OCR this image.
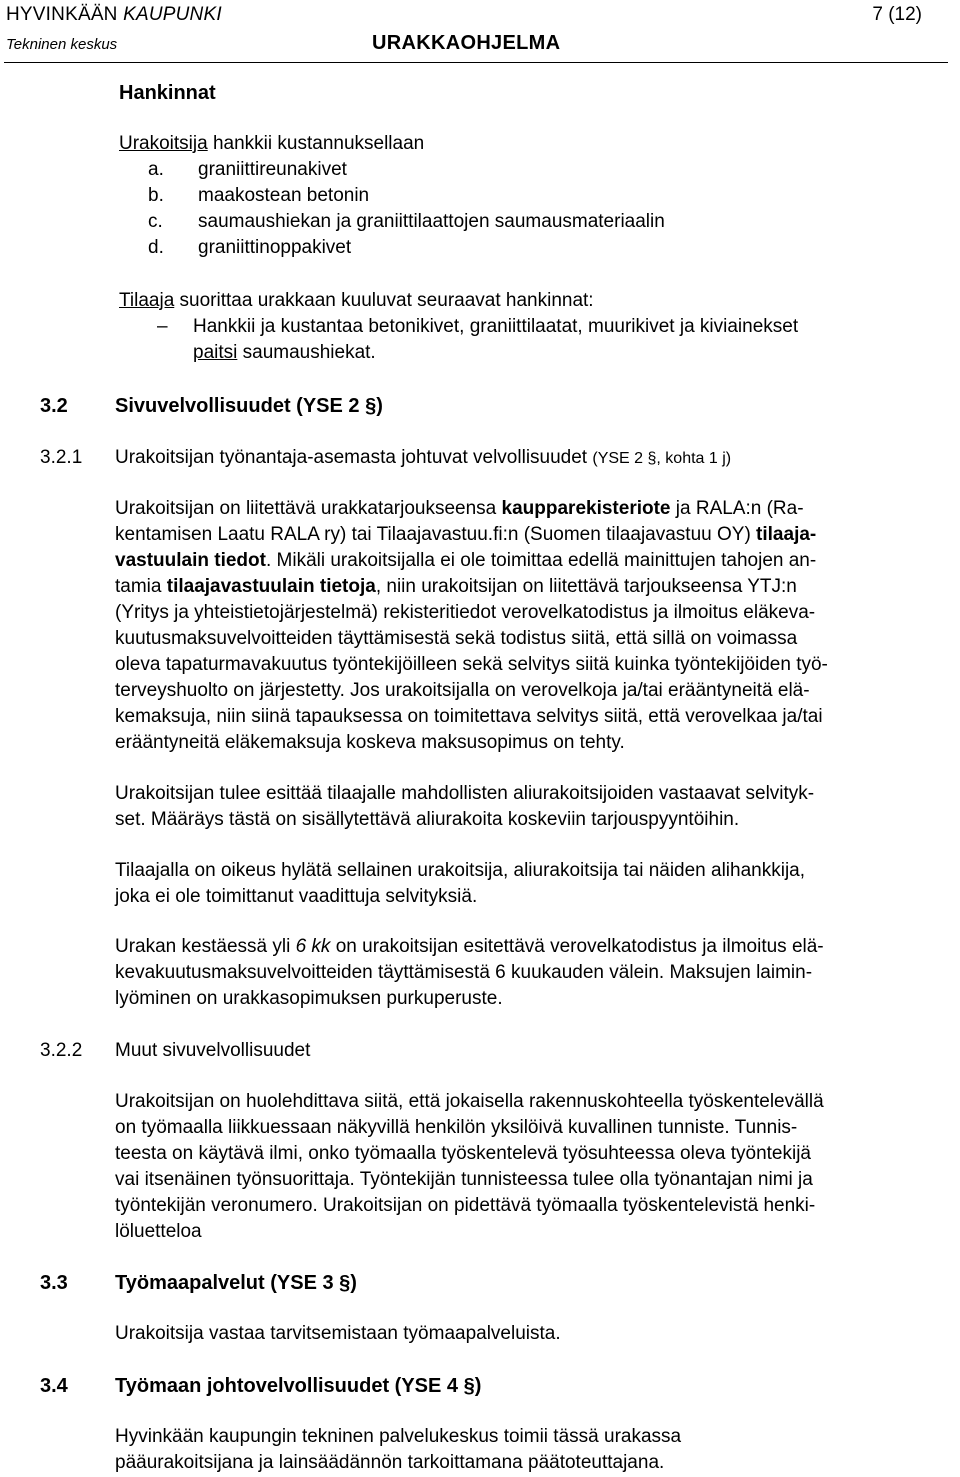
HYVINKÄÄN KAUPUNKI	7 (12)
Tekninen keskus	URAKKAOHJELMA
Hankinnat
Urakoitsija hankkii kustannuksellaan
a. graniittireunakivet
b. maakostean betonin
c. saumaushiekan ja graniittilaattojen saumausmateriaalin
d. graniittinoppakivet
Tilaaja suorittaa urakkaan kuuluvat seuraavat hankinnat:
– Hankkii ja kustantaa betonikivet, graniittilaatat, muurikivet ja kiviainekset
paitsi saumaushiekat.
3.2 Sivuvelvollisuudet (YSE 2 §)
3.2.1 Urakoitsijan työnantaja-asemasta johtuvat velvollisuudet (YSE 2 §, kohta 1 j)
Urakoitsijan on liitettävä urakkatarjoukseensa kaupparekisteriote ja RALA:n (Ra-
kentamisen Laatu RALA ry) tai Tilaajavastuu.fi:n (Suomen tilaajavastuu OY) tilaaja-
vastuulain tiedot. Mikäli urakoitsijalla ei ole toimittaa edellä mainittujen tahojen an-
tamia tilaajavastuulain tietoja, niin urakoitsijan on liitettävä tarjoukseensa YTJ:n
(Yritys ja yhteistietojärjestelmä) rekisteritiedot verovelkatodistus ja ilmoitus eläkeva-
kuutusmaksuvelvoitteiden täyttämisestä sekä todistus siitä, että sillä on voimassa
oleva tapaturmavakuutus työntekijöilleen sekä selvitys siitä kuinka työntekijöiden työ-
terveyshuolto on järjestetty. Jos urakoitsijalla on verovelkoja ja/tai erääntyneitä elä-
kemaksuja, niin siinä tapauksessa on toimitettava selvitys siitä, että verovelkaa ja/tai
erääntyneitä eläkemaksuja koskeva maksusopimus on tehty.
Urakoitsijan tulee esittää tilaajalle mahdollisten aliurakoitsijoiden vastaavat selvityk-
set. Määräys tästä on sisällytettävä aliurakoita koskeviin tarjouspyyntöihin.
Tilaajalla on oikeus hylätä sellainen urakoitsija, aliurakoitsija tai näiden alihankkija,
joka ei ole toimittanut vaadittuja selvityksiä.
Urakan kestäessä yli 6 kk on urakoitsijan esitettävä verovelkatodistus ja ilmoitus elä-
kevakuutusmaksuvelvoitteiden täyttämisestä 6 kuukauden välein. Maksujen laimin-
lyöminen on urakkasopimuksen purkuperuste.
3.2.2 Muut sivuvelvollisuudet
Urakoitsijan on huolehdittava siitä, että jokaisella rakennuskohteella työskentelevällä
on työmaalla liikkuessaan näkyvillä henkilön yksilöivä kuvallinen tunniste. Tunnis-
teesta on käytävä ilmi, onko työmaalla työskentelevä työsuhteessa oleva työntekijä
vai itsenäinen työnsuorittaja. Työntekijän tunnisteessa tulee olla työnantajan nimi ja
työntekijän veronumero. Urakoitsijan on pidettävä työmaalla työskentelevistä henki-
löluetteloa
3.3 Työmaapalvelut (YSE 3 §)
Urakoitsija vastaa tarvitsemistaan työmaapalveluista.
3.4 Työmaan johtovelvollisuudet (YSE 4 §)
Hyvinkään kaupungin tekninen palvelukeskus toimii tässä urakassa
pääurakoitsijana ja lainsäädännön tarkoittamana päätoteuttajana.
